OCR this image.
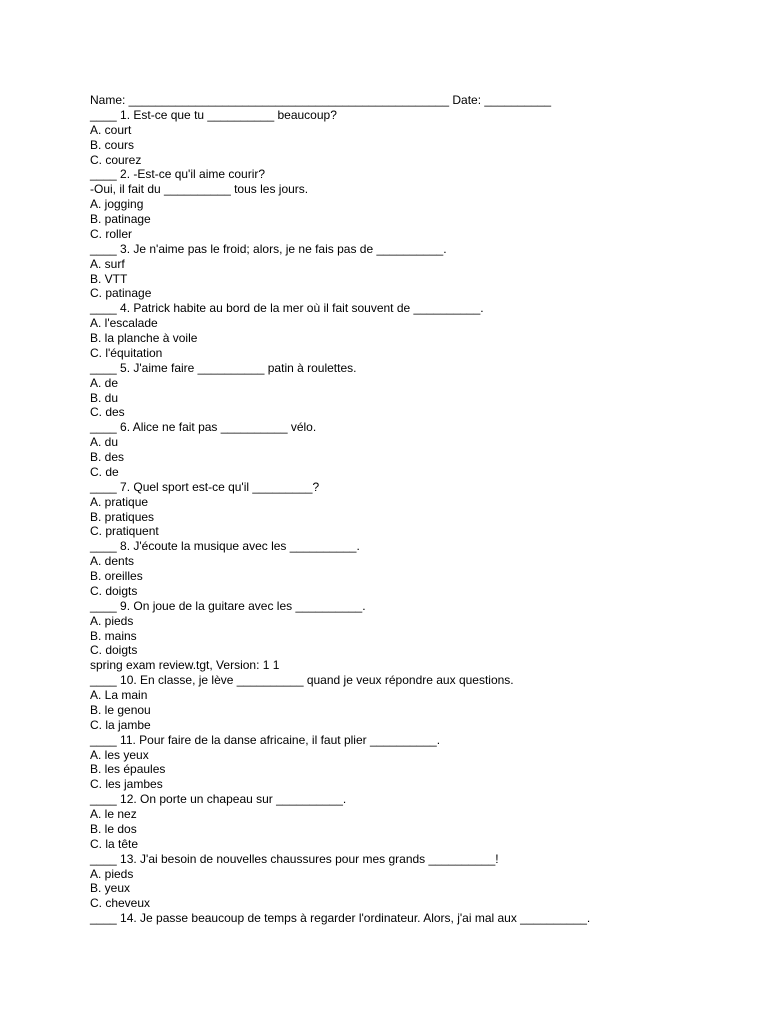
Name: ________________________________________________ Date: __________
____ 1. Est-ce que tu __________ beaucoup?
A. court
B. cours
C. courez
____ 2. -Est-ce qu'il aime courir?
-Oui, il fait du __________ tous les jours.
A. jogging
B. patinage
C. roller
____ 3. Je n'aime pas le froid; alors, je ne fais pas de __________.
A. surf
B. VTT
C. patinage
____ 4. Patrick habite au bord de la mer où il fait souvent de __________.
A. l'escalade
B. la planche à voile
C. l'équitation
____ 5. J'aime faire __________ patin à roulettes.
A. de
B. du
C. des
____ 6. Alice ne fait pas __________ vélo.
A. du
B. des
C. de
____ 7. Quel sport est-ce qu'il _________?
A. pratique
B. pratiques
C. pratiquent
____ 8. J'écoute la musique avec les __________.
A. dents
B. oreilles
C. doigts
____ 9. On joue de la guitare avec les __________.
A. pieds
B. mains
C. doigts
spring exam review.tgt, Version: 1 1
____ 10. En classe, je lève __________ quand je veux répondre aux questions.
A. La main
B. le genou
C. la jambe
____ 11. Pour faire de la danse africaine, il faut plier __________.
A. les yeux
B. les épaules
C. les jambes
____ 12. On porte un chapeau sur __________.
A. le nez
B. le dos
C. la tête
____ 13. J'ai besoin de nouvelles chaussures pour mes grands __________!
A. pieds
B. yeux
C. cheveux
____ 14. Je passe beaucoup de temps à regarder l'ordinateur. Alors, j'ai mal aux __________.
